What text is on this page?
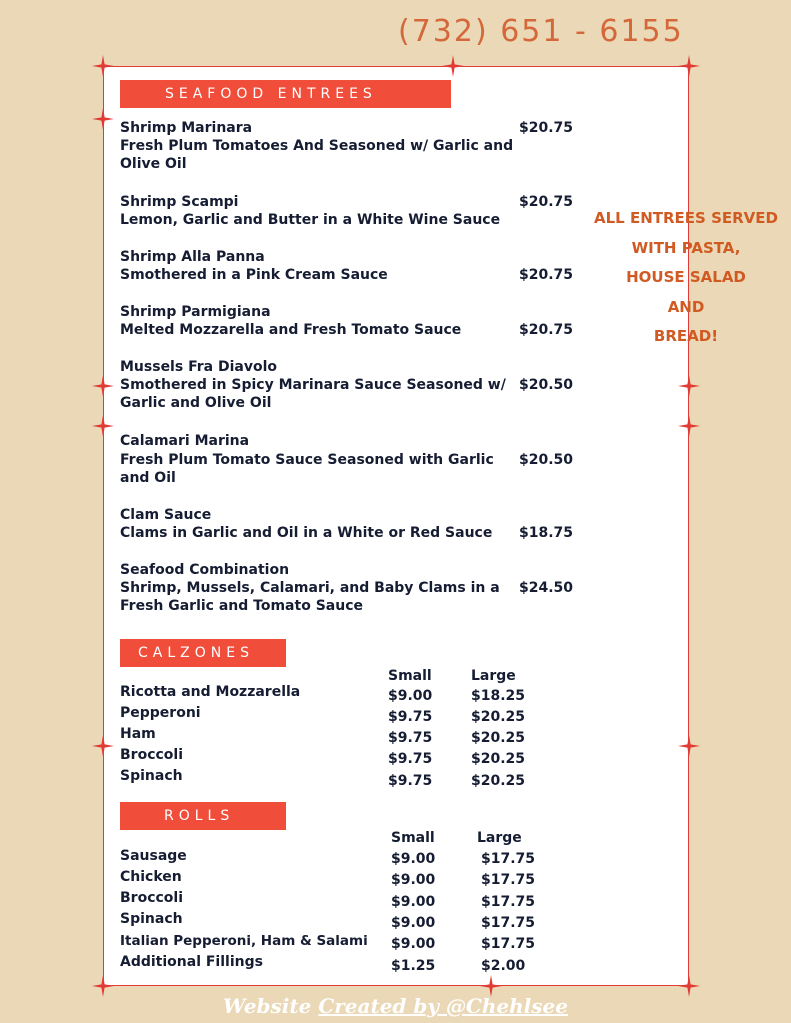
(732) 651 - 6155
SEAFOOD ENTREES
Shrimp Marinara
Fresh Plum Tomatoes And Seasoned w/ Garlic and Olive Oil
$20.75
Shrimp Scampi
Lemon, Garlic and Butter in a White Wine Sauce
$20.75
Shrimp Alla Panna
Smothered in a Pink Cream Sauce	$20.75
Shrimp Parmigiana
Melted Mozzarella and Fresh Tomato Sauce	$20.75
Mussels Fra Diavolo
Smothered in Spicy Marinara Sauce Seasoned w/ Garlic and Olive Oil
$20.50
Calamari Marina
Fresh Plum Tomato Sauce Seasoned with Garlic and Oil
$20.50
Clam Sauce
Clams in Garlic and Oil in a White or Red Sauce $18.75
Seafood Combination
Shrimp, Mussels, Calamari, and Baby Clams in a Fresh Garlic and Tomato Sauce
$24.50
ALL ENTREES SERVED
WITH PASTA,
HOUSE SALAD
AND
BREAD!
CALZONES
Small	Large
Ricotta and Mozzarella	$9.00	$18.25
Pepperoni	$9.75	$20.25
Ham	$9.75	$20.25
Broccoli	$9.75	$20.25
Spinach	$9.75	$20.25
ROLLS
Small	Large
Sausage	$9.00	$17.75
Chicken	$9.00	$17.75
Broccoli	$9.00	$17.75
Spinach	$9.00	$17.75
Italian Pepperoni, Ham & Salami $9.00	$17.75
Additional Fillings	$1.25	$2.00
Website Created by @Chehlsee
